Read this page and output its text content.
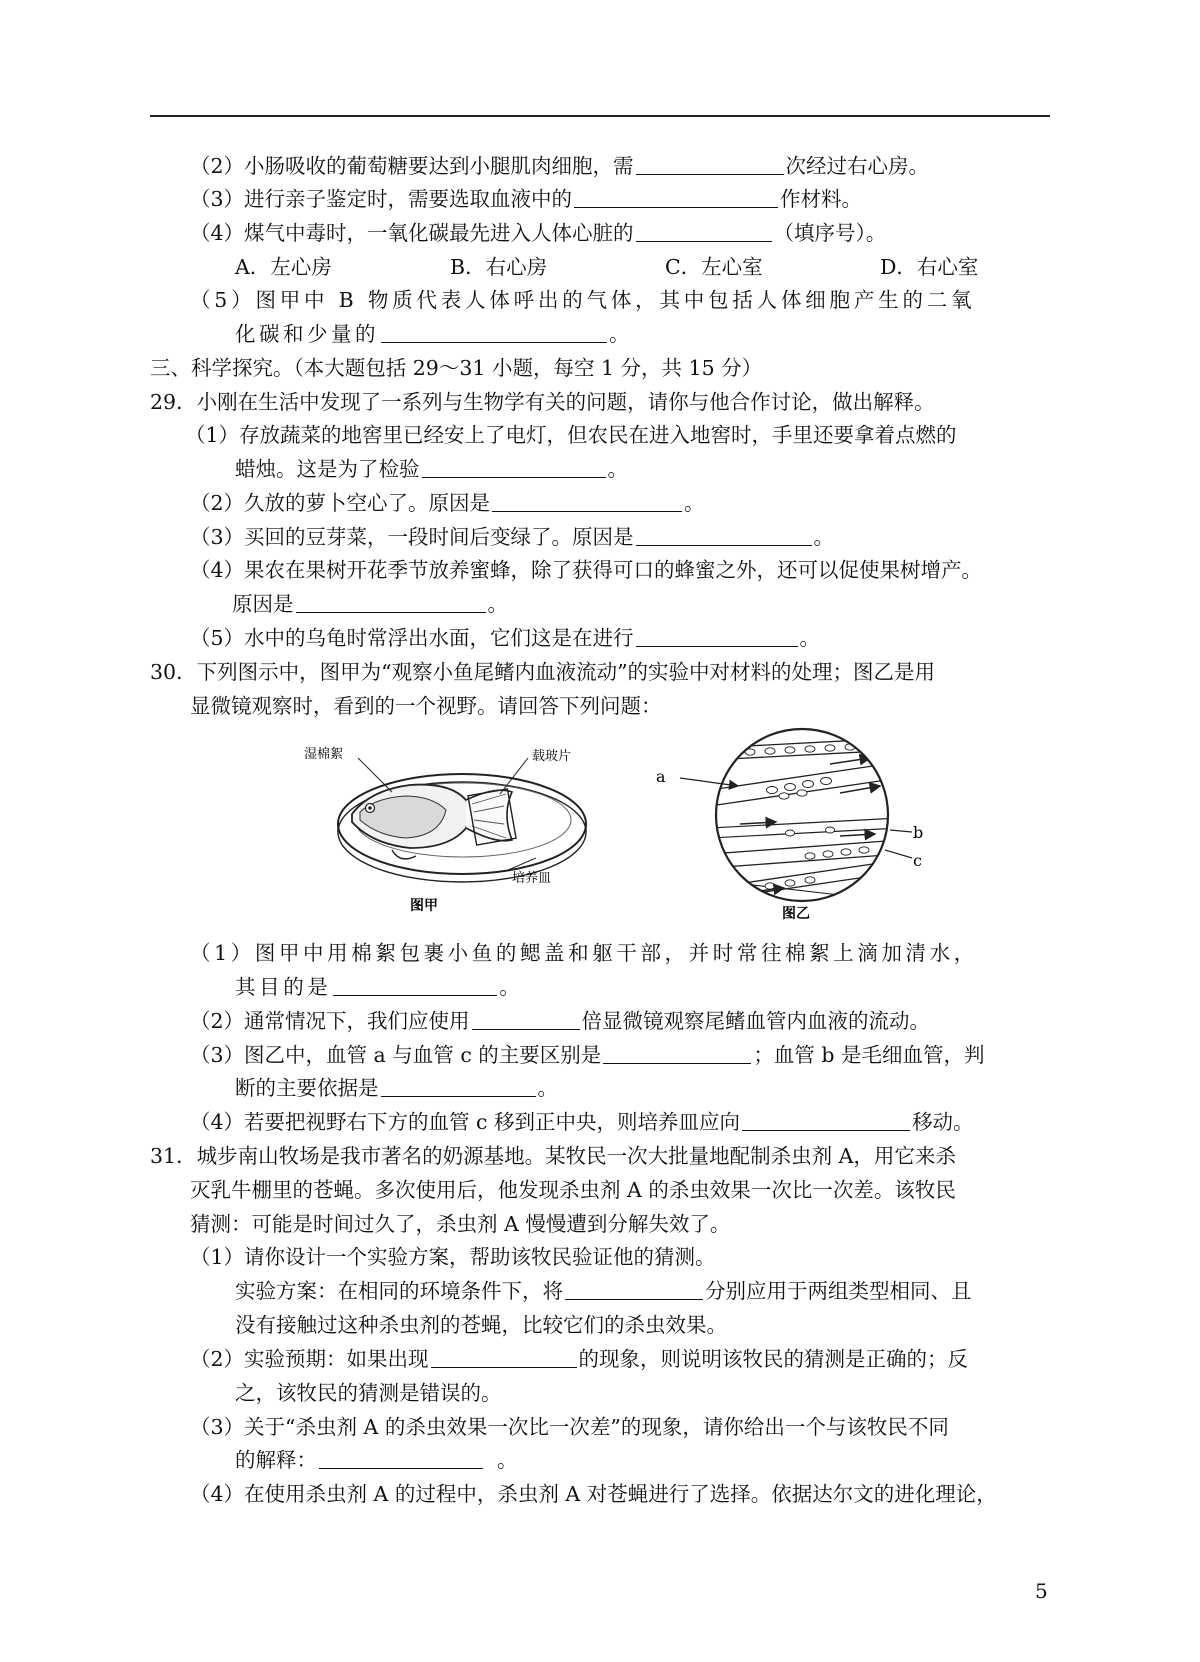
（2）小肠吸收的葡萄糖要达到小腿肌肉细胞，需	次经过右心房。
（3）进行亲子鉴定时，需要选取血液中的	作材料。
（4）煤气中毒时，一氧化碳最先进入人体心脏的	（填序号）。
A．左心房	B．右心房	C．左心室	D．右心室
（5）图甲中 B 物质代表人体呼出的气体，其中包括人体细胞产生的二氧
化碳和少量的	。
三、科学探究。（本大题包括 29～31 小题，每空 1 分，共 15 分）
29．小刚在生活中发现了一系列与生物学有关的问题，请你与他合作讨论，做出解释。
（1）存放蔬菜的地窖里已经安上了电灯，但农民在进入地窖时，手里还要拿着点燃的
蜡烛。这是为了检验	。
（2）久放的萝卜空心了。原因是	。
（3）买回的豆芽菜，一段时间后变绿了。原因是	。
（4）果农在果树开花季节放养蜜蜂，除了获得可口的蜂蜜之外，还可以促使果树增产。
原因是	。
（5）水中的乌龟时常浮出水面，它们这是在进行	。
30．下列图示中，图甲为“观察小鱼尾鳍内血液流动”的实验中对材料的处理；图乙是用
显微镜观察时，看到的一个视野。请回答下列问题：
湿棉絮	载玻片
培养皿
图甲
a
b
c
图乙
（1）图甲中用棉絮包裹小鱼的鳃盖和躯干部，并时常往棉絮上滴加清水，
其目的是	。
（2）通常情况下，我们应使用	倍显微镜观察尾鳍血管内血液的流动。
（3）图乙中，血管 a 与血管 c 的主要区别是	；血管 b 是毛细血管，判
断的主要依据是	。
（4）若要把视野右下方的血管 c 移到正中央，则培养皿应向	移动。
31．城步南山牧场是我市著名的奶源基地。某牧民一次大批量地配制杀虫剂 A，用它来杀
灭乳牛棚里的苍蝇。多次使用后，他发现杀虫剂 A 的杀虫效果一次比一次差。该牧民
猜测：可能是时间过久了，杀虫剂 A 慢慢遭到分解失效了。
（1）请你设计一个实验方案，帮助该牧民验证他的猜测。
实验方案：在相同的环境条件下，将	分别应用于两组类型相同、且
没有接触过这种杀虫剂的苍蝇，比较它们的杀虫效果。
（2）实验预期：如果出现	的现象，则说明该牧民的猜测是正确的；反
之，该牧民的猜测是错误的。
（3）关于“杀虫剂 A 的杀虫效果一次比一次差”的现象，请你给出一个与该牧民不同
的解释：	。
（4）在使用杀虫剂 A 的过程中，杀虫剂 A 对苍蝇进行了选择。依据达尔文的进化理论，
5
